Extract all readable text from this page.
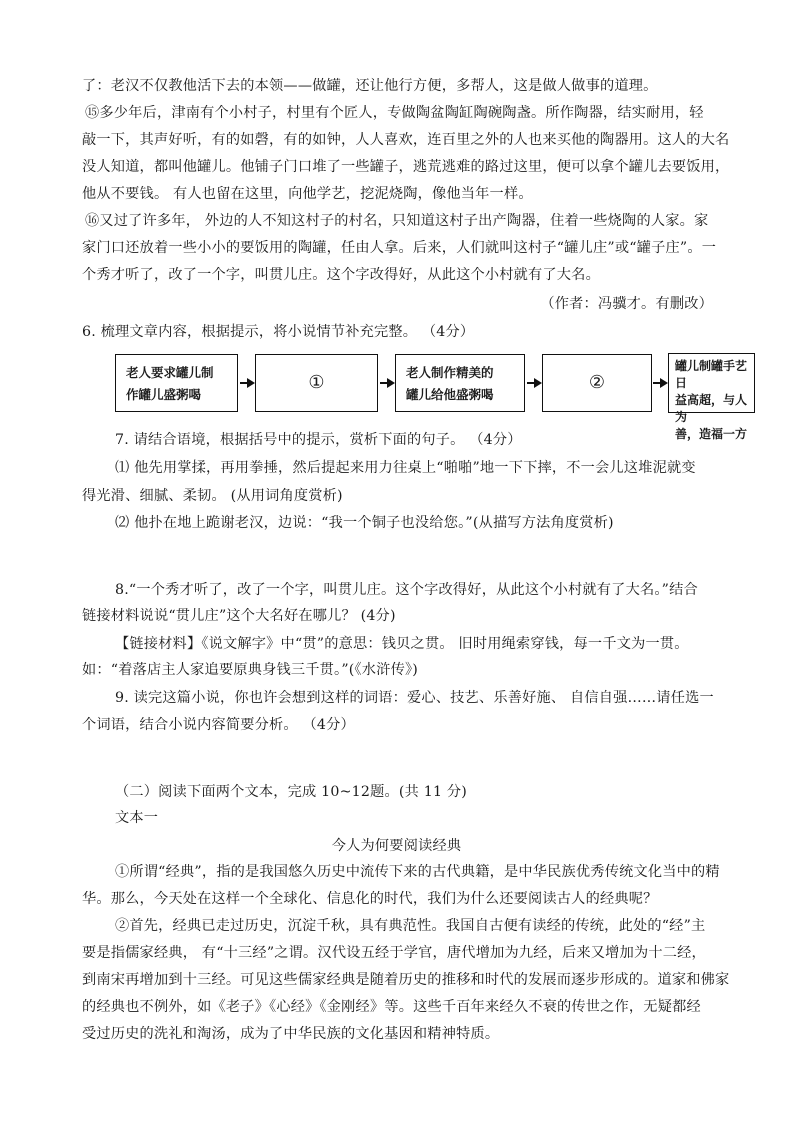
了：老汉不仅教他活下去的本领——做罐，还让他行方便，多帮人，这是做人做事的道理。
⑮多少年后，津南有个小村子，村里有个匠人，专做陶盆陶缸陶碗陶盏。所作陶器，结实耐用，轻
敲一下，其声好听，有的如磬，有的如钟，人人喜欢，连百里之外的人也来买他的陶器用。这人的大名
没人知道，都叫他罐儿。他铺子门口堆了一些罐子，逃荒逃难的路过这里，便可以拿个罐儿去要饭用，
他从不要钱。 有人也留在这里，向他学艺，挖泥烧陶，像他当年一样。
⑯又过了许多年， 外边的人不知这村子的村名，只知道这村子出产陶器，住着一些烧陶的人家。家
家门口还放着一些小小的要饭用的陶罐，任由人拿。后来，人们就叫这村子“罐儿庄”或“罐子庄”。一
个秀才听了，改了一个字，叫贯儿庄。这个字改得好，从此这个小村就有了大名。
（作者：冯骥才。有删改）
6. 梳理文章内容，根据提示，将小说情节补充完整。 （4分）
老人要求罐儿制
作罐儿盛粥喝
①	老人制作精美的
罐儿给他盛粥喝
②
罐儿制罐手艺日
益高超，与人为
善，造福一方
7. 请结合语境，根据括号中的提示，赏析下面的句子。 （4分）
⑴ 他先用掌揉，再用拳捶，然后提起来用力往桌上“啪啪”地一下下摔，不一会儿这堆泥就变
得光滑、细腻、柔韧。 (从用词角度赏析)
⑵ 他扑在地上跪谢老汉，边说：“我一个铜子也没给您。”(从描写方法角度赏析)
8.“一个秀才听了，改了一个字，叫贯儿庄。这个字改得好，从此这个小村就有了大名。”结合
链接材料说说“贯儿庄”这个大名好在哪儿？ (4分)
【链接材料】《说文解字》中“贯”的意思：钱贝之贯。 旧时用绳索穿钱，每一千文为一贯。
如：“着落店主人家追要原典身钱三千贯。”(《水浒传》)
9. 读完这篇小说，你也许会想到这样的词语：爱心、技艺、乐善好施、 自信自强……请任选一
个词语，结合小说内容简要分析。 （4分）
（二）阅读下面两个文本，完成 10~12题。(共 11 分)
文本一
今人为何要阅读经典
①所谓“经典”，指的是我国悠久历史中流传下来的古代典籍，是中华民族优秀传统文化当中的精
华。那么，今天处在这样一个全球化、信息化的时代，我们为什么还要阅读古人的经典呢？
②首先，经典已走过历史，沉淀千秋，具有典范性。我国自古便有读经的传统，此处的“经”主
要是指儒家经典， 有“十三经”之谓。汉代设五经于学官，唐代增加为九经，后来又增加为十二经，
到南宋再增加到十三经。可见这些儒家经典是随着历史的推移和时代的发展而逐步形成的。道家和佛家
的经典也不例外，如《老子》《心经》《金刚经》等。这些千百年来经久不衰的传世之作，无疑都经
受过历史的洗礼和淘汤，成为了中华民族的文化基因和精神特质。
